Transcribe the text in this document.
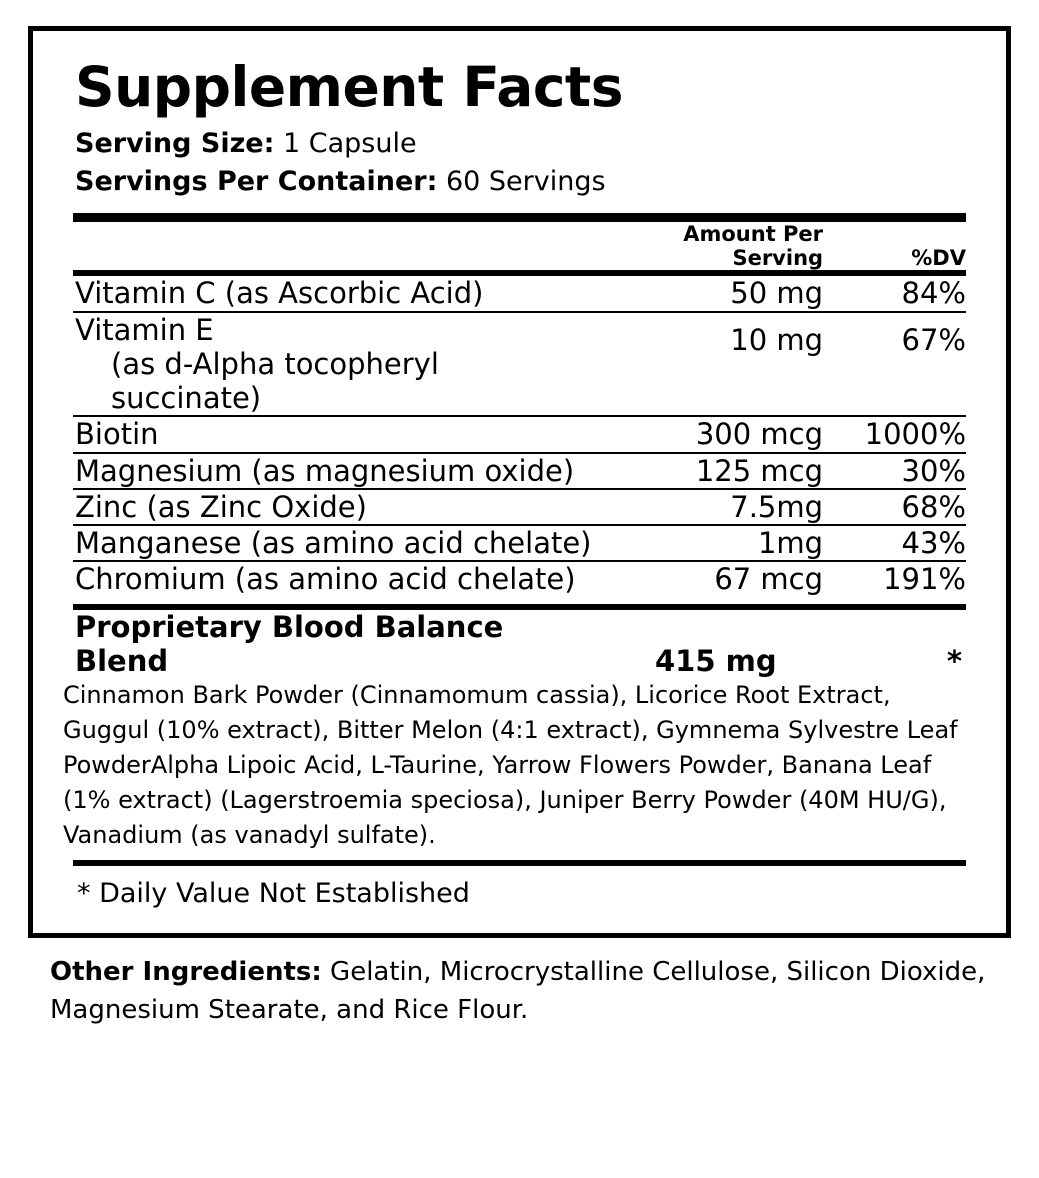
Supplement Facts
Serving Size: 1 Capsule
Servings Per Container: 60 Servings
	Amount Per Serving	%DV
Vitamin C (as Ascorbic Acid)	50 mg	84%

Vitamin E
(as d-Alpha tocopheryl succinate)	10 mg	67%

Biotin	300 mcg	1000%

Magnesium (as magnesium oxide)	125 mcg	30%

Zinc (as Zinc Oxide)	7.5mg	68%

Manganese (as amino acid chelate)	1mg	43%

Chromium (as amino acid chelate)	67 mcg	191%
Proprietary Blood Balance Blend	415 mg	*
Cinnamon Bark Powder (Cinnamomum cassia), Licorice Root Extract, Guggul (10% extract), Bitter Melon (4:1 extract), Gymnema Sylvestre Leaf PowderAlpha Lipoic Acid, L-Taurine, Yarrow Flowers Powder, Banana Leaf (1% extract) (Lagerstroemia speciosa), Juniper Berry Powder (40M HU/G), Vanadium (as vanadyl sulfate).
* Daily Value Not Established
Other Ingredients: Gelatin, Microcrystalline Cellulose, Silicon Dioxide, Magnesium Stearate, and Rice Flour.
